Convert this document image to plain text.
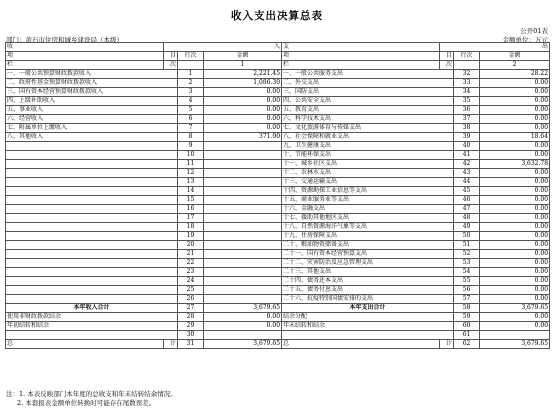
收入支出决算总表
公开01表
部门：黄石市住房和城乡建设局（本级）	金额单位：万元
收	入			支	出		
项	目	行次	金额	项	目	行次	金额
栏	次		1	栏	次		2
一、一般公共预算财政拨款收入		1	2,221.45	一、一般公共服务支出		32	28.22
二、政府性基金预算财政拨款收入		2	1,086.30	二、外交支出		33	0.00
三、国有资本经营预算财政拨款收入		3	0.00	三、国防支出		34	0.00
四、上级补助收入		4	0.00	四、公共安全支出		35	0.00
五、事业收入		5	0.00	五、教育支出		36	0.00
六、经营收入		6	0.00	六、科学技术支出		37	0.00
七、附属单位上缴收入		7	0.00	七、文化旅游体育与传媒支出		38	0.00
八、其他收入		8	371.90	八、社会保障和就业支出		39	18.64
		9		九、卫生健康支出		40	0.00
		10		十、节能环保支出		41	0.00
		11		十一、城乡社区支出		42	3,632.78
		12		十二、农林水支出		43	0.00
		13		十三、交通运输支出		44	0.00
		14		十四、资源勘探工业信息等支出		45	0.00
		15		十五、商业服务业等支出		46	0.00
		16		十六、金融支出		47	0.00
		17		十七、援助其他地区支出		48	0.00
		18		十八、自然资源海洋气象等支出		49	0.00
		19		十九、住房保障支出		50	0.00
		20		二十、粮油物资储备支出		51	0.00
		21		二十一、国有资本经营预算支出		52	0.00
		22		二十二、灾害防治及应急管理支出		53	0.00
		23		二十三、其他支出		54	0.00
		24		二十四、债务还本支出		55	0.00
		25		二十五、债务付息支出		56	0.00
		26		二十六、抗疫特别国债安排的支出		57	0.00
本年收入合计		27	3,679.65	本年支出合计		58	3,679.65
使用非财政拨款结余		28	0.00	结余分配		59	0.00
年初结转和结余		29	0.00	年末结转和结余		60	0.00
		30				61	
总	计	31	3,679.65	总	计	62	3,679.65
注：1. 本表反映部门本年度的总收支和年末结转结余情况。
2. 本套报表金额单位转换时可能存在尾数误差。
